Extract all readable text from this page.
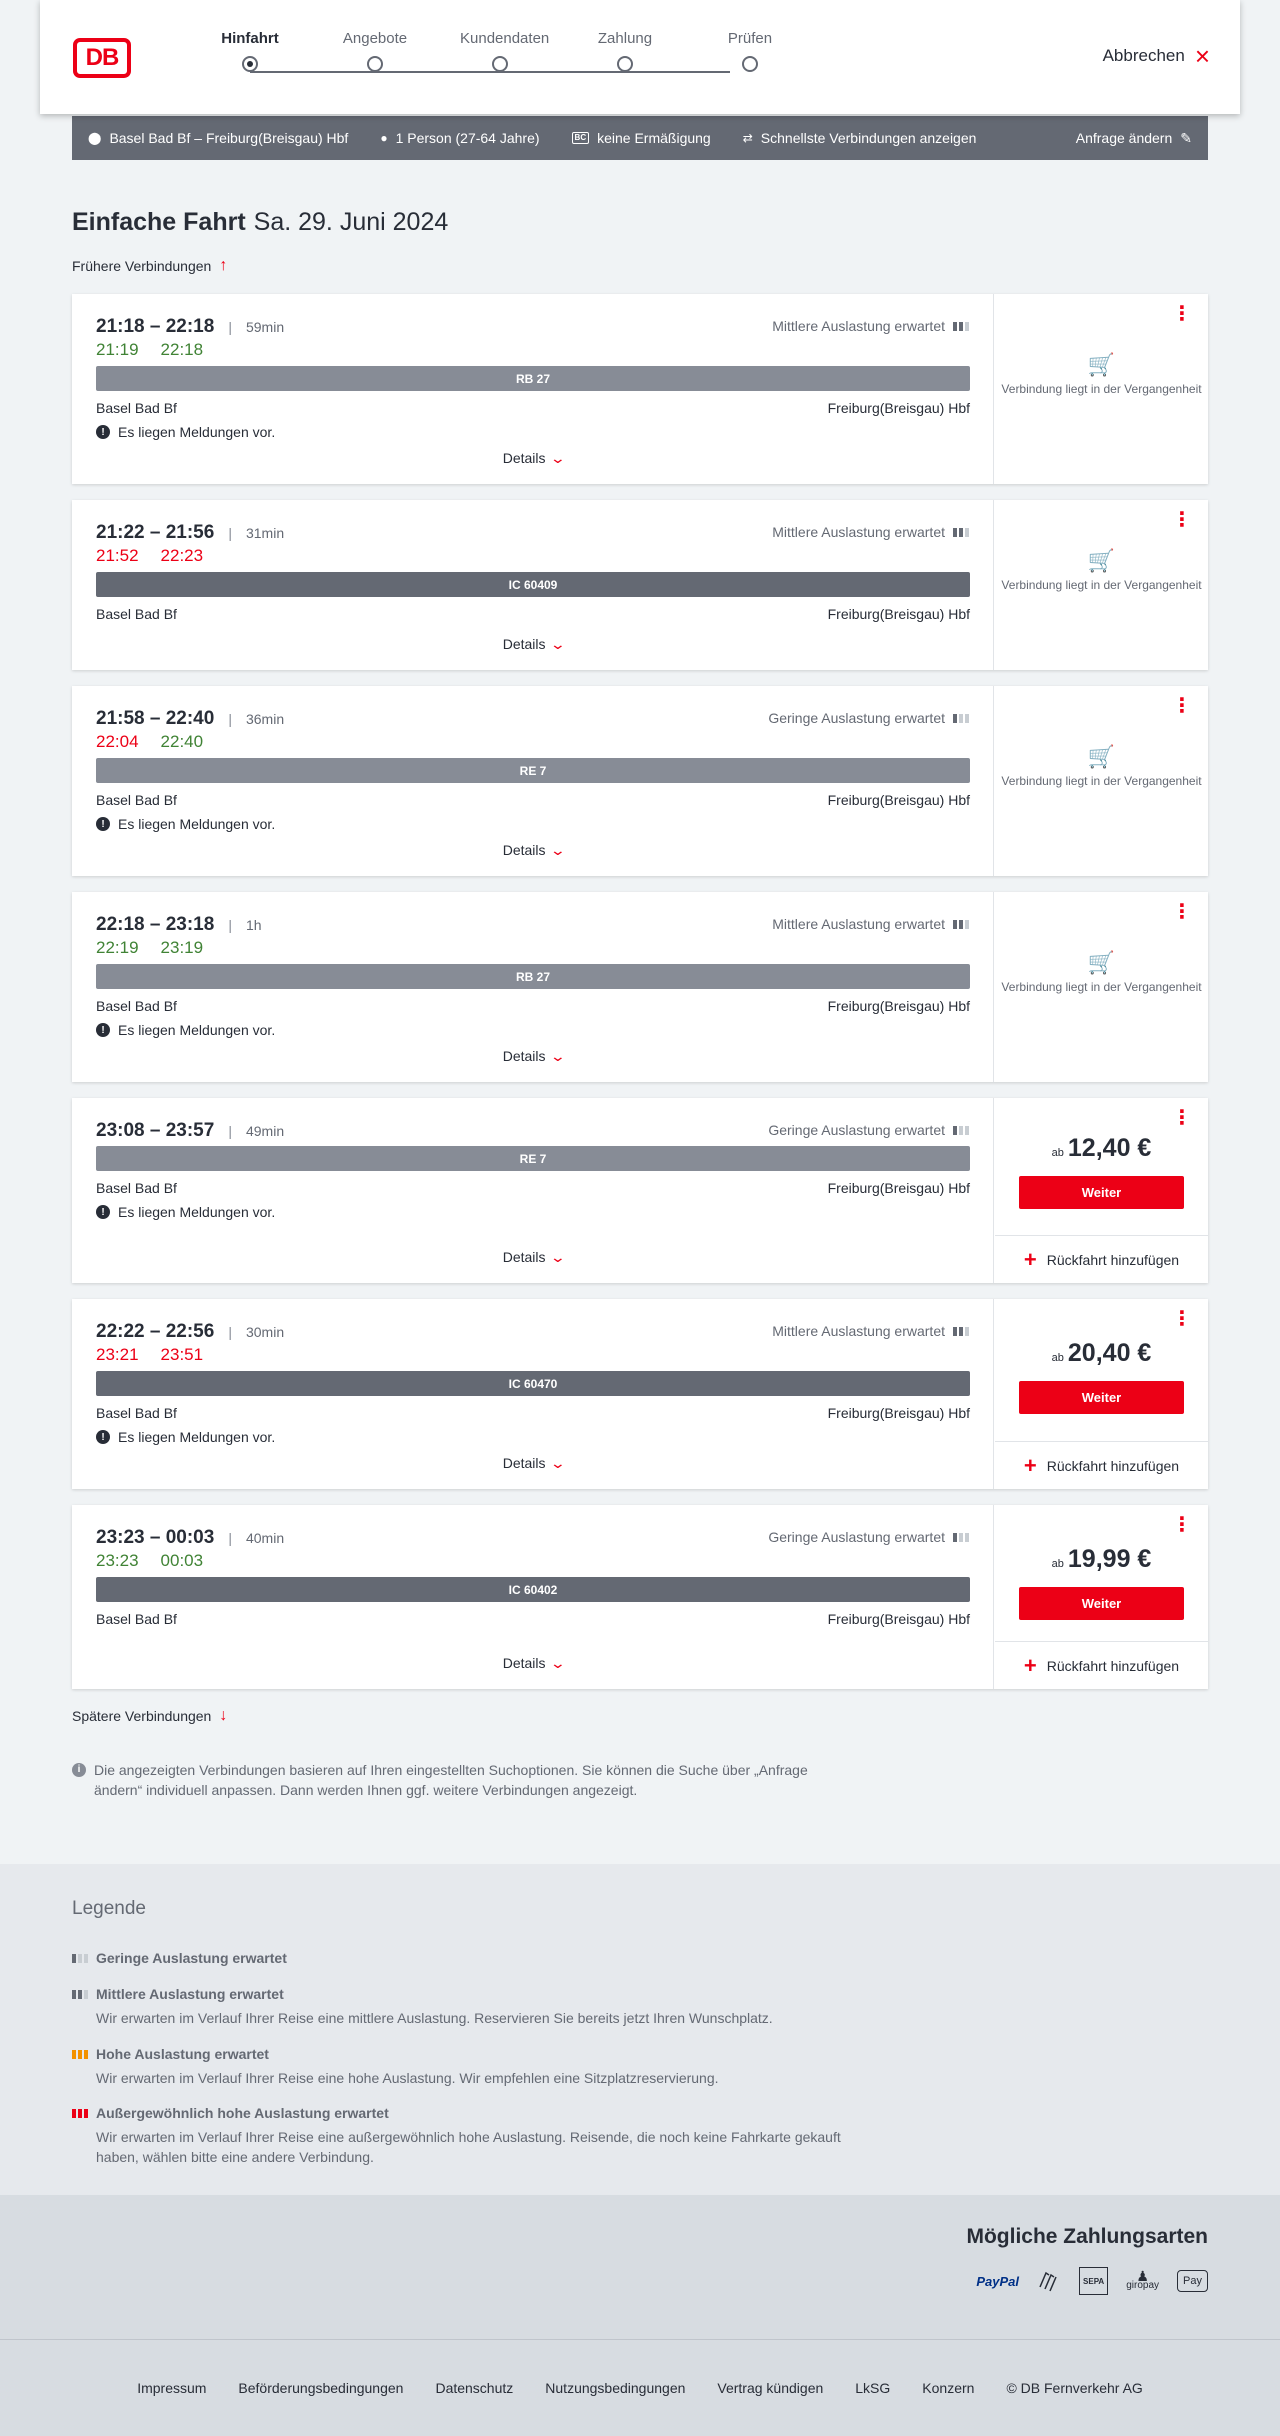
DB
Hinfahrt	Angebote	Kundendaten	Zahlung	Prüfen
Abbrechen ×
⬤ Basel Bad Bf – Freiburg(Breisgau) Hbf	● 1 Person (27-64 Jahre)	BC keine Ermäßigung	⇄ Schnellste Verbindungen anzeigen	Anfrage ändern ✎
Einfache Fahrt Sa. 29. Juni 2024
Frühere Verbindungen ↑
21:18 – 22:18 | 59min
21:19 22:18
Mittlere Auslastung erwartet
RB 27
Basel Bad Bf	Freiburg(Breisgau) Hbf
! Es liegen Meldungen vor.
Details ⌄
⋮
🛒
Verbindung liegt in der Vergangenheit
21:22 – 21:56 | 31min
21:52 22:23
Mittlere Auslastung erwartet
IC 60409
Basel Bad Bf	Freiburg(Breisgau) Hbf
Details ⌄
⋮
🛒
Verbindung liegt in der Vergangenheit
21:58 – 22:40 | 36min
22:04 22:40
Geringe Auslastung erwartet
RE 7
Basel Bad Bf	Freiburg(Breisgau) Hbf
! Es liegen Meldungen vor.
Details ⌄
⋮
🛒
Verbindung liegt in der Vergangenheit
22:18 – 23:18 | 1h
22:19 23:19
Mittlere Auslastung erwartet
RB 27
Basel Bad Bf	Freiburg(Breisgau) Hbf
! Es liegen Meldungen vor.
Details ⌄
⋮
🛒
Verbindung liegt in der Vergangenheit
23:08 – 23:57 | 49min	Geringe Auslastung erwartet
RE 7
Basel Bad Bf	Freiburg(Breisgau) Hbf
! Es liegen Meldungen vor.
Details ⌄
⋮
ab 12,40 €
Weiter
+ Rückfahrt hinzufügen
22:22 – 22:56 | 30min
23:21 23:51
Mittlere Auslastung erwartet
IC 60470
Basel Bad Bf	Freiburg(Breisgau) Hbf
! Es liegen Meldungen vor.
Details ⌄
⋮
ab 20,40 €
Weiter
+ Rückfahrt hinzufügen
23:23 – 00:03 | 40min
23:23 00:03
Geringe Auslastung erwartet
IC 60402
Basel Bad Bf	Freiburg(Breisgau) Hbf
Details ⌄
⋮
ab 19,99 €
Weiter
+ Rückfahrt hinzufügen
Spätere Verbindungen ↓
i Die angezeigten Verbindungen basieren auf Ihren eingestellten Suchoptionen. Sie können die Suche über „Anfrage ändern“ individuell anpassen. Dann werden Ihnen ggf. weitere Verbindungen angezeigt.
Legende
Geringe Auslastung erwartet
Mittlere Auslastung erwartet
Wir erwarten im Verlauf Ihrer Reise eine mittlere Auslastung. Reservieren Sie bereits jetzt Ihren Wunschplatz.
Hohe Auslastung erwartet
Wir erwarten im Verlauf Ihrer Reise eine hohe Auslastung. Wir empfehlen eine Sitzplatzreservierung.
Außergewöhnlich hohe Auslastung erwartet
Wir erwarten im Verlauf Ihrer Reise eine außergewöhnlich hohe Auslastung. Reisende, die noch keine Fahrkarte gekauft haben, wählen bitte eine andere Verbindung.
Mögliche Zahlungsarten
PayPal	SEPA ♟
giropay	Pay
Impressum Beförderungsbedingungen Datenschutz Nutzungsbedingungen Vertrag kündigen LkSG Konzern © DB Fernverkehr AG
